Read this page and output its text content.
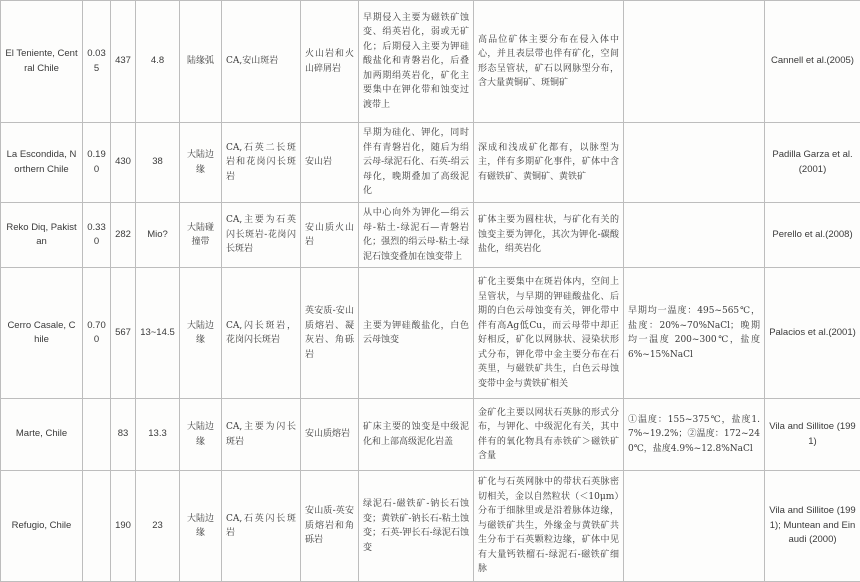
El Teniente, Central Chile	0.035	437	4.8	陆缘弧	CA,安山斑岩	火山岩和火山碎屑岩	早期侵入主要为磁铁矿蚀变、绢英岩化，弱或无矿化；后期侵入主要为钾硅酸盐化和青磐岩化，后叠加两期绢英岩化，矿化主要集中在钾化带和蚀变过渡带上	高品位矿体主要分布在侵入体中心，并且表层带也伴有矿化，空间形态呈管状，矿石以网脉型分布，含大量黄铜矿、斑铜矿		Cannell et al.(2005)
La Escondida, Northern Chile	0.190	430	38	大陆边缘	CA,石英二长斑岩和花岗闪长斑岩	安山岩	早期为硅化、钾化，同时伴有青磐岩化，随后为绢云母-绿泥石化、石英-绢云母化，晚期叠加了高级泥化	深成和浅成矿化都有，以脉型为主，伴有多期矿化事件，矿体中含有磁铁矿、黄铜矿、黄铁矿		Padilla Garza et al.(2001)
Reko Diq, Pakistan	0.330	282	Mio?	大陆碰撞带	CA,主要为石英闪长斑岩-花岗闪长斑岩	安山质火山岩	从中心向外为钾化—绢云母-粘土-绿泥石—青磐岩化；强烈的绢云母-粘土-绿泥石蚀变叠加在蚀变带上	矿体主要为圆柱状，与矿化有关的蚀变主要为钾化，其次为钾化-碳酸盐化，绢英岩化		Perello et al.(2008)
Cerro Casale, Chile	0.700	567	13~14.5	大陆边缘	CA,闪长斑岩，花岗闪长斑岩	英安质-安山质熔岩、凝灰岩、角砾岩	主要为钾硅酸盐化，白色云母蚀变	矿化主要集中在斑岩体内，空间上呈管状，与早期的钾硅酸盐化、后期的白色云母蚀变有关，钾化带中伴有高Ag低Cu，而云母带中却正好相反，矿化以网脉状、浸染状形式分布，钾化带中金主要分布在石英里，与磁铁矿共生，白色云母蚀变带中金与黄铁矿相关	早期均一温度：495~565℃，盐度：20%~70%NaCl；晚期均一温度 200~300℃，盐度6%~15%NaCl	Palacios et al.(2001)
Marte, Chile		83	13.3	大陆边缘	CA,主要为闪长斑岩	安山质熔岩	矿床主要的蚀变是中级泥化和上部高级泥化岩盖	金矿化主要以网状石英脉的形式分布，与钾化、中级泥化有关，其中伴有的氧化物具有赤铁矿＞磁铁矿含量	①温度：155~375℃，盐度1.7%~19.2%；②温度：172~240℃，盐度4.9%~12.8%NaCl	Vila and Sillitoe (1991)
Refugio, Chile		190	23	大陆边缘	CA,石英闪长斑岩	安山质-英安质熔岩和角砾岩	绿泥石-磁铁矿-钠长石蚀变；黄铁矿-钠长石-粘土蚀变；石英-钾长石-绿泥石蚀变	矿化与石英网脉中的带状石英脉密切相关，金以自然粒状（＜10μm）分布于细脉里或是沿着脉体边缘，与磁铁矿共生，外缘金与黄铁矿共生分布于石英颗粒边缘，矿体中见有大量钙铁榴石-绿泥石-磁铁矿细脉		Vila and Sillitoe (1991); Muntean and Einaudi (2000)
